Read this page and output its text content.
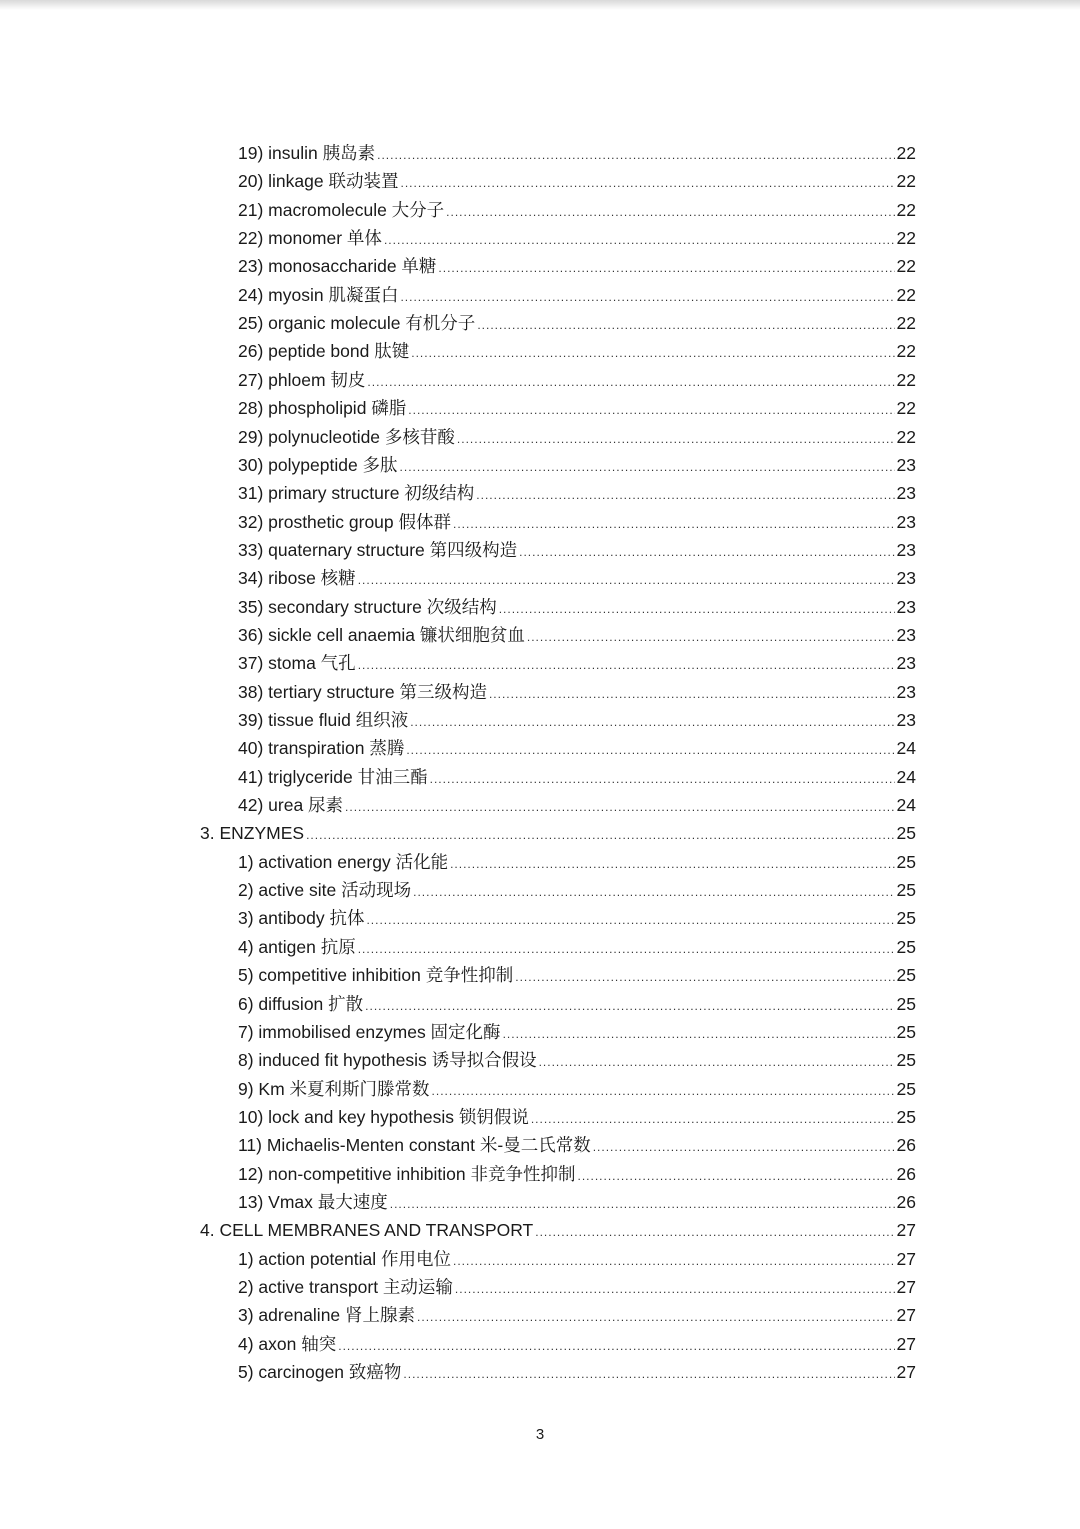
19) insulin 胰岛素 .....	22
20) linkage 联动装置 .....	22
21) macromolecule 大分子 .....	22
22) monomer 单体 .....	22
23) monosaccharide 单糖 .....	22
24) myosin 肌凝蛋白 .....	22
25) organic molecule 有机分子 .....	22
26) peptide bond 肽键 .....	22
27) phloem 韧皮 .....	22
28) phospholipid 磷脂 .....	22
29) polynucleotide 多核苷酸 .....	22
30) polypeptide 多肽 .....	23
31) primary structure 初级结构 .....	23
32) prosthetic group 假体群 .....	23
33) quaternary structure 第四级构造 .....	23
34) ribose 核糖 .....	23
35) secondary structure 次级结构 .....	23
36) sickle cell anaemia 镰状细胞贫血 .....	23
37) stoma 气孔 .....	23
38) tertiary structure 第三级构造 .....	23
39) tissue fluid 组织液 .....	23
40) transpiration 蒸腾 .....	24
41) triglyceride 甘油三酯 .....	24
42) urea 尿素 .....	24
3. ENZYMES .....	25
1) activation energy 活化能 .....	25
2) active site 活动现场 .....	25
3) antibody 抗体 .....	25
4) antigen 抗原 .....	25
5) competitive inhibition 竞争性抑制 .....	25
6) diffusion 扩散 .....	25
7) immobilised enzymes 固定化酶 .....	25
8) induced fit hypothesis 诱导拟合假设 .....	25
9) Km 米夏利斯门滕常数 .....	25
10) lock and key hypothesis 锁钥假说 .....	25
11) Michaelis-Menten constant 米-曼二氏常数 .....	26
12) non-competitive inhibition 非竞争性抑制 .....	26
13) Vmax 最大速度 .....	26
4. CELL MEMBRANES AND TRANSPORT .....	27
1) action potential 作用电位 .....	27
2) active transport 主动运输 .....	27
3) adrenaline 肾上腺素 .....	27
4) axon 轴突 .....	27
5) carcinogen 致癌物 .....	27
3
